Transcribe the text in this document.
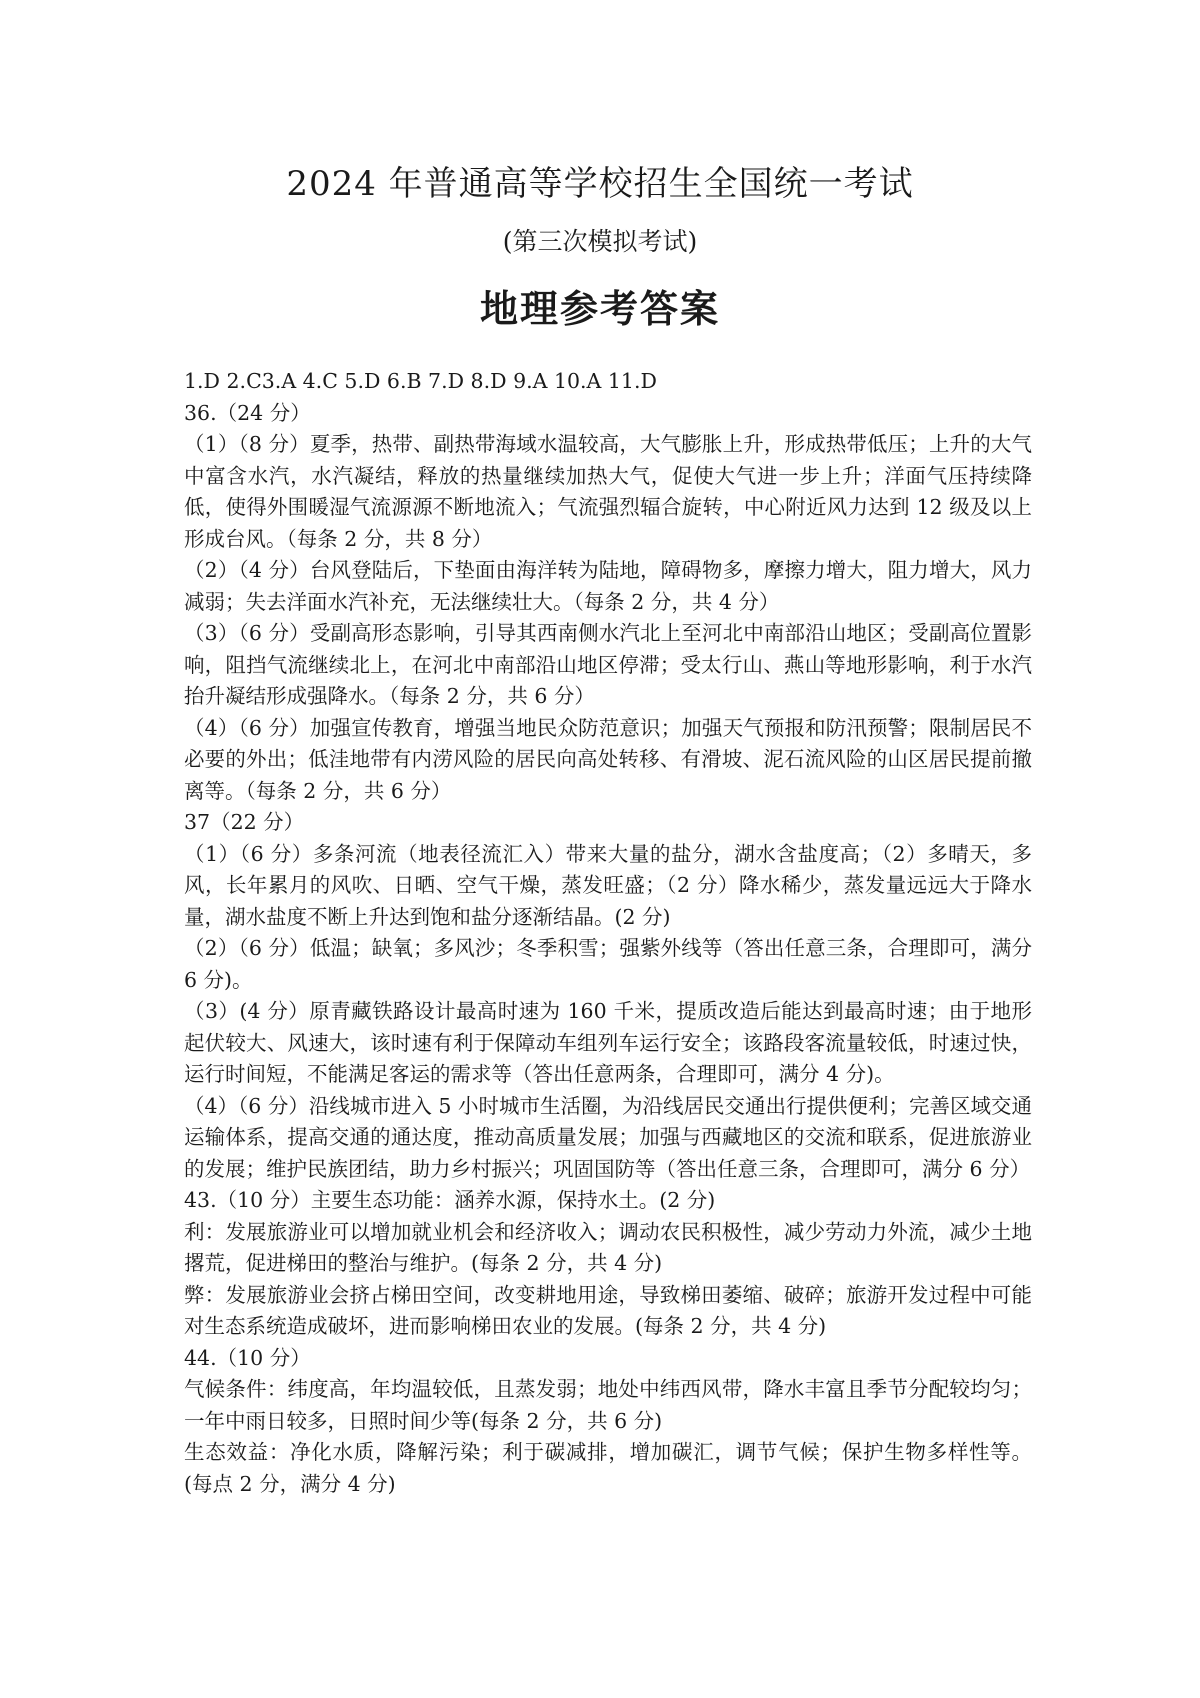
2024 年普通高等学校招生全国统一考试
(第三次模拟考试)
地理参考答案

1.D 2.C3.A 4.C 5.D 6.B 7.D 8.D 9.A 10.A 11.D

36.（24 分）

（1）（8 分）夏季，热带、副热带海域水温较高，大气膨胀上升，形成热带低压；上升的大气中富含水汽，水汽凝结，释放的热量继续加热大气，促使大气进一步上升；洋面气压持续降低，使得外围暖湿气流源源不断地流入；气流强烈辐合旋转，中心附近风力达到 12 级及以上形成台风。（每条 2 分，共 8 分）

（2）（4 分）台风登陆后，下垫面由海洋转为陆地，障碍物多，摩擦力增大，阻力增大，风力减弱；失去洋面水汽补充，无法继续壮大。（每条 2 分，共 4 分）

（3）（6 分）受副高形态影响，引导其西南侧水汽北上至河北中南部沿山地区；受副高位置影响，阻挡气流继续北上，在河北中南部沿山地区停滞；受太行山、燕山等地形影响，利于水汽抬升凝结形成强降水。（每条 2 分，共 6 分）

（4）（6 分）加强宣传教育，增强当地民众防范意识；加强天气预报和防汛预警；限制居民不必要的外出；低洼地带有内涝风险的居民向高处转移、有滑坡、泥石流风险的山区居民提前撤离等。（每条 2 分，共 6 分）

37（22 分）

（1）（6 分）多条河流（地表径流汇入）带来大量的盐分，湖水含盐度高；（2）多晴天，多风，长年累月的风吹、日晒、空气干燥，蒸发旺盛；（2 分）降水稀少，蒸发量远远大于降水量，湖水盐度不断上升达到饱和盐分逐渐结晶。(2 分)

（2）（6 分）低温；缺氧；多风沙；冬季积雪；强紫外线等（答出任意三条，合理即可，满分 6 分)。

（3）(4 分）原青藏铁路设计最高时速为 160 千米，提质改造后能达到最高时速；由于地形起伏较大、风速大，该时速有利于保障动车组列车运行安全；该路段客流量较低，时速过快，运行时间短，不能满足客运的需求等（答出任意两条，合理即可，满分 4 分)。

（4）（6 分）沿线城市进入 5 小时城市生活圈，为沿线居民交通出行提供便利；完善区域交通运输体系，提高交通的通达度，推动高质量发展；加强与西藏地区的交流和联系，促进旅游业的发展；维护民族团结，助力乡村振兴；巩固国防等（答出任意三条，合理即可，满分 6 分）

43.（10 分）主要生态功能：涵养水源，保持水土。(2 分)

利：发展旅游业可以增加就业机会和经济收入；调动农民积极性，减少劳动力外流，减少土地撂荒，促进梯田的整治与维护。(每条 2 分，共 4 分)

弊：发展旅游业会挤占梯田空间，改变耕地用途，导致梯田萎缩、破碎；旅游开发过程中可能对生态系统造成破坏，进而影响梯田农业的发展。(每条 2 分，共 4 分)

44.（10 分）

气候条件：纬度高，年均温较低，且蒸发弱；地处中纬西风带，降水丰富且季节分配较均匀；一年中雨日较多，日照时间少等(每条 2 分，共 6 分)

生态效益：净化水质，降解污染；利于碳减排，增加碳汇，调节气候；保护生物多样性等。(每点 2 分，满分 4 分)
